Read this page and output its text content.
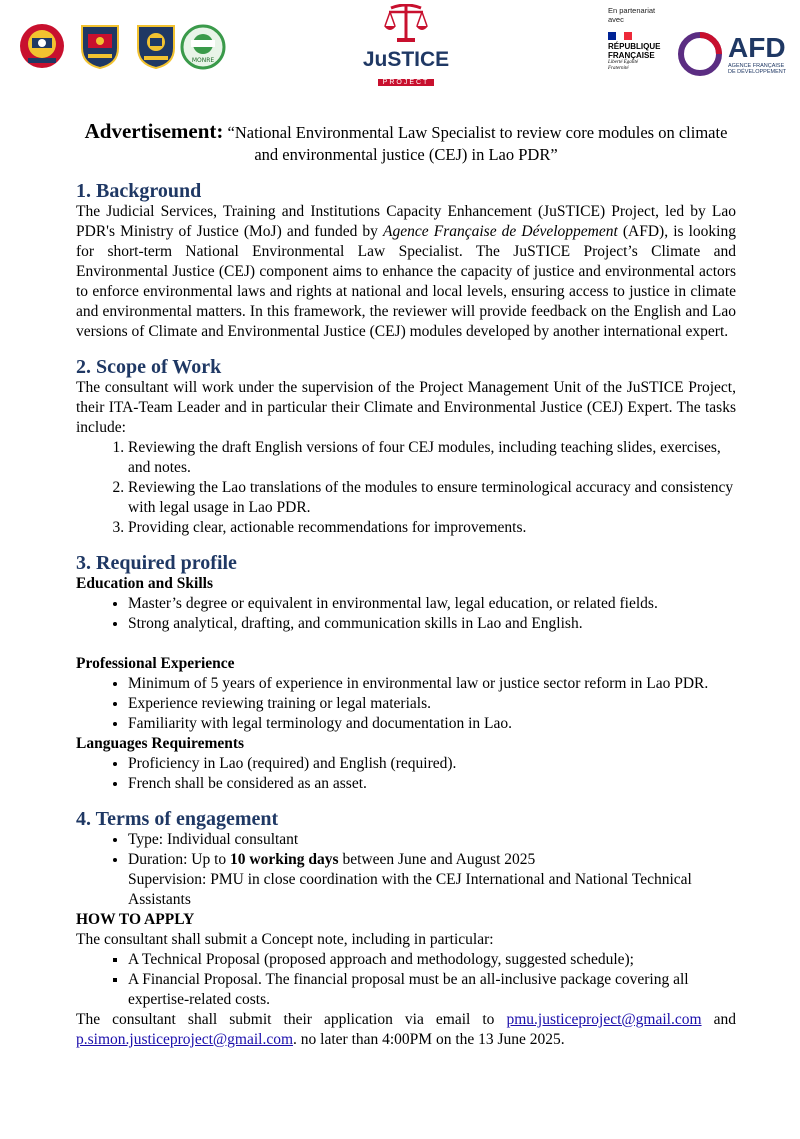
MONRE	JuSTICE
PROJECT
En partenariat avec
RÉPUBLIQUE
FRANÇAISE
Liberté Égalité Fraternité
AFD
AGENCE FRANÇAISE
DE DÉVELOPPEMENT
Advertisement: “National Environmental Law Specialist to review core modules on climate and environmental justice (CEJ) in Lao PDR”
1. Background

The Judicial Services, Training and Institutions Capacity Enhancement (JuSTICE) Project, led by Lao PDR's Ministry of Justice (MoJ) and funded by Agence Française de Développement (AFD), is looking for short-term National Environmental Law Specialist. The JuSTICE Project’s Climate and Environmental Justice (CEJ) component aims to enhance the capacity of justice and environmental actors to enforce environmental laws and rights at national and local levels, ensuring access to justice in climate and environmental matters. In this framework, the reviewer will provide feedback on the English and Lao versions of Climate and Environmental Justice (CEJ) modules developed by another international expert.

2. Scope of Work

The consultant will work under the supervision of the Project Management Unit of the JuSTICE Project, their ITA-Team Leader and in particular their Climate and Environmental Justice (CEJ) Expert. The tasks include:

1. Reviewing the draft English versions of four CEJ modules, including teaching slides, exercises, and notes.
2. Reviewing the Lao translations of the modules to ensure terminological accuracy and consistency with legal usage in Lao PDR.
3. Providing clear, actionable recommendations for improvements.
3. Required profile
Education and Skills
• Master’s degree or equivalent in environmental law, legal education, or related fields.
• Strong analytical, drafting, and communication skills in Lao and English.
Professional Experience
• Minimum of 5 years of experience in environmental law or justice sector reform in Lao PDR.
• Experience reviewing training or legal materials.
• Familiarity with legal terminology and documentation in Lao.
Languages Requirements
• Proficiency in Lao (required) and English (required).
• French shall be considered as an asset.
4. Terms of engagement
• Type: Individual consultant
• Duration: Up to 10 working days between June and August 2025
Supervision: PMU in close coordination with the CEJ International and National Technical Assistants
HOW TO APPLY

The consultant shall submit a Concept note, including in particular:

▪ A Technical Proposal (proposed approach and methodology, suggested schedule);
▪ A Financial Proposal. The financial proposal must be an all-inclusive package covering all expertise-related costs.

The consultant shall submit their application via email to pmu.justiceproject@gmail.com and p.simon.justiceproject@gmail.com. no later than 4:00PM on the 13 June 2025.
